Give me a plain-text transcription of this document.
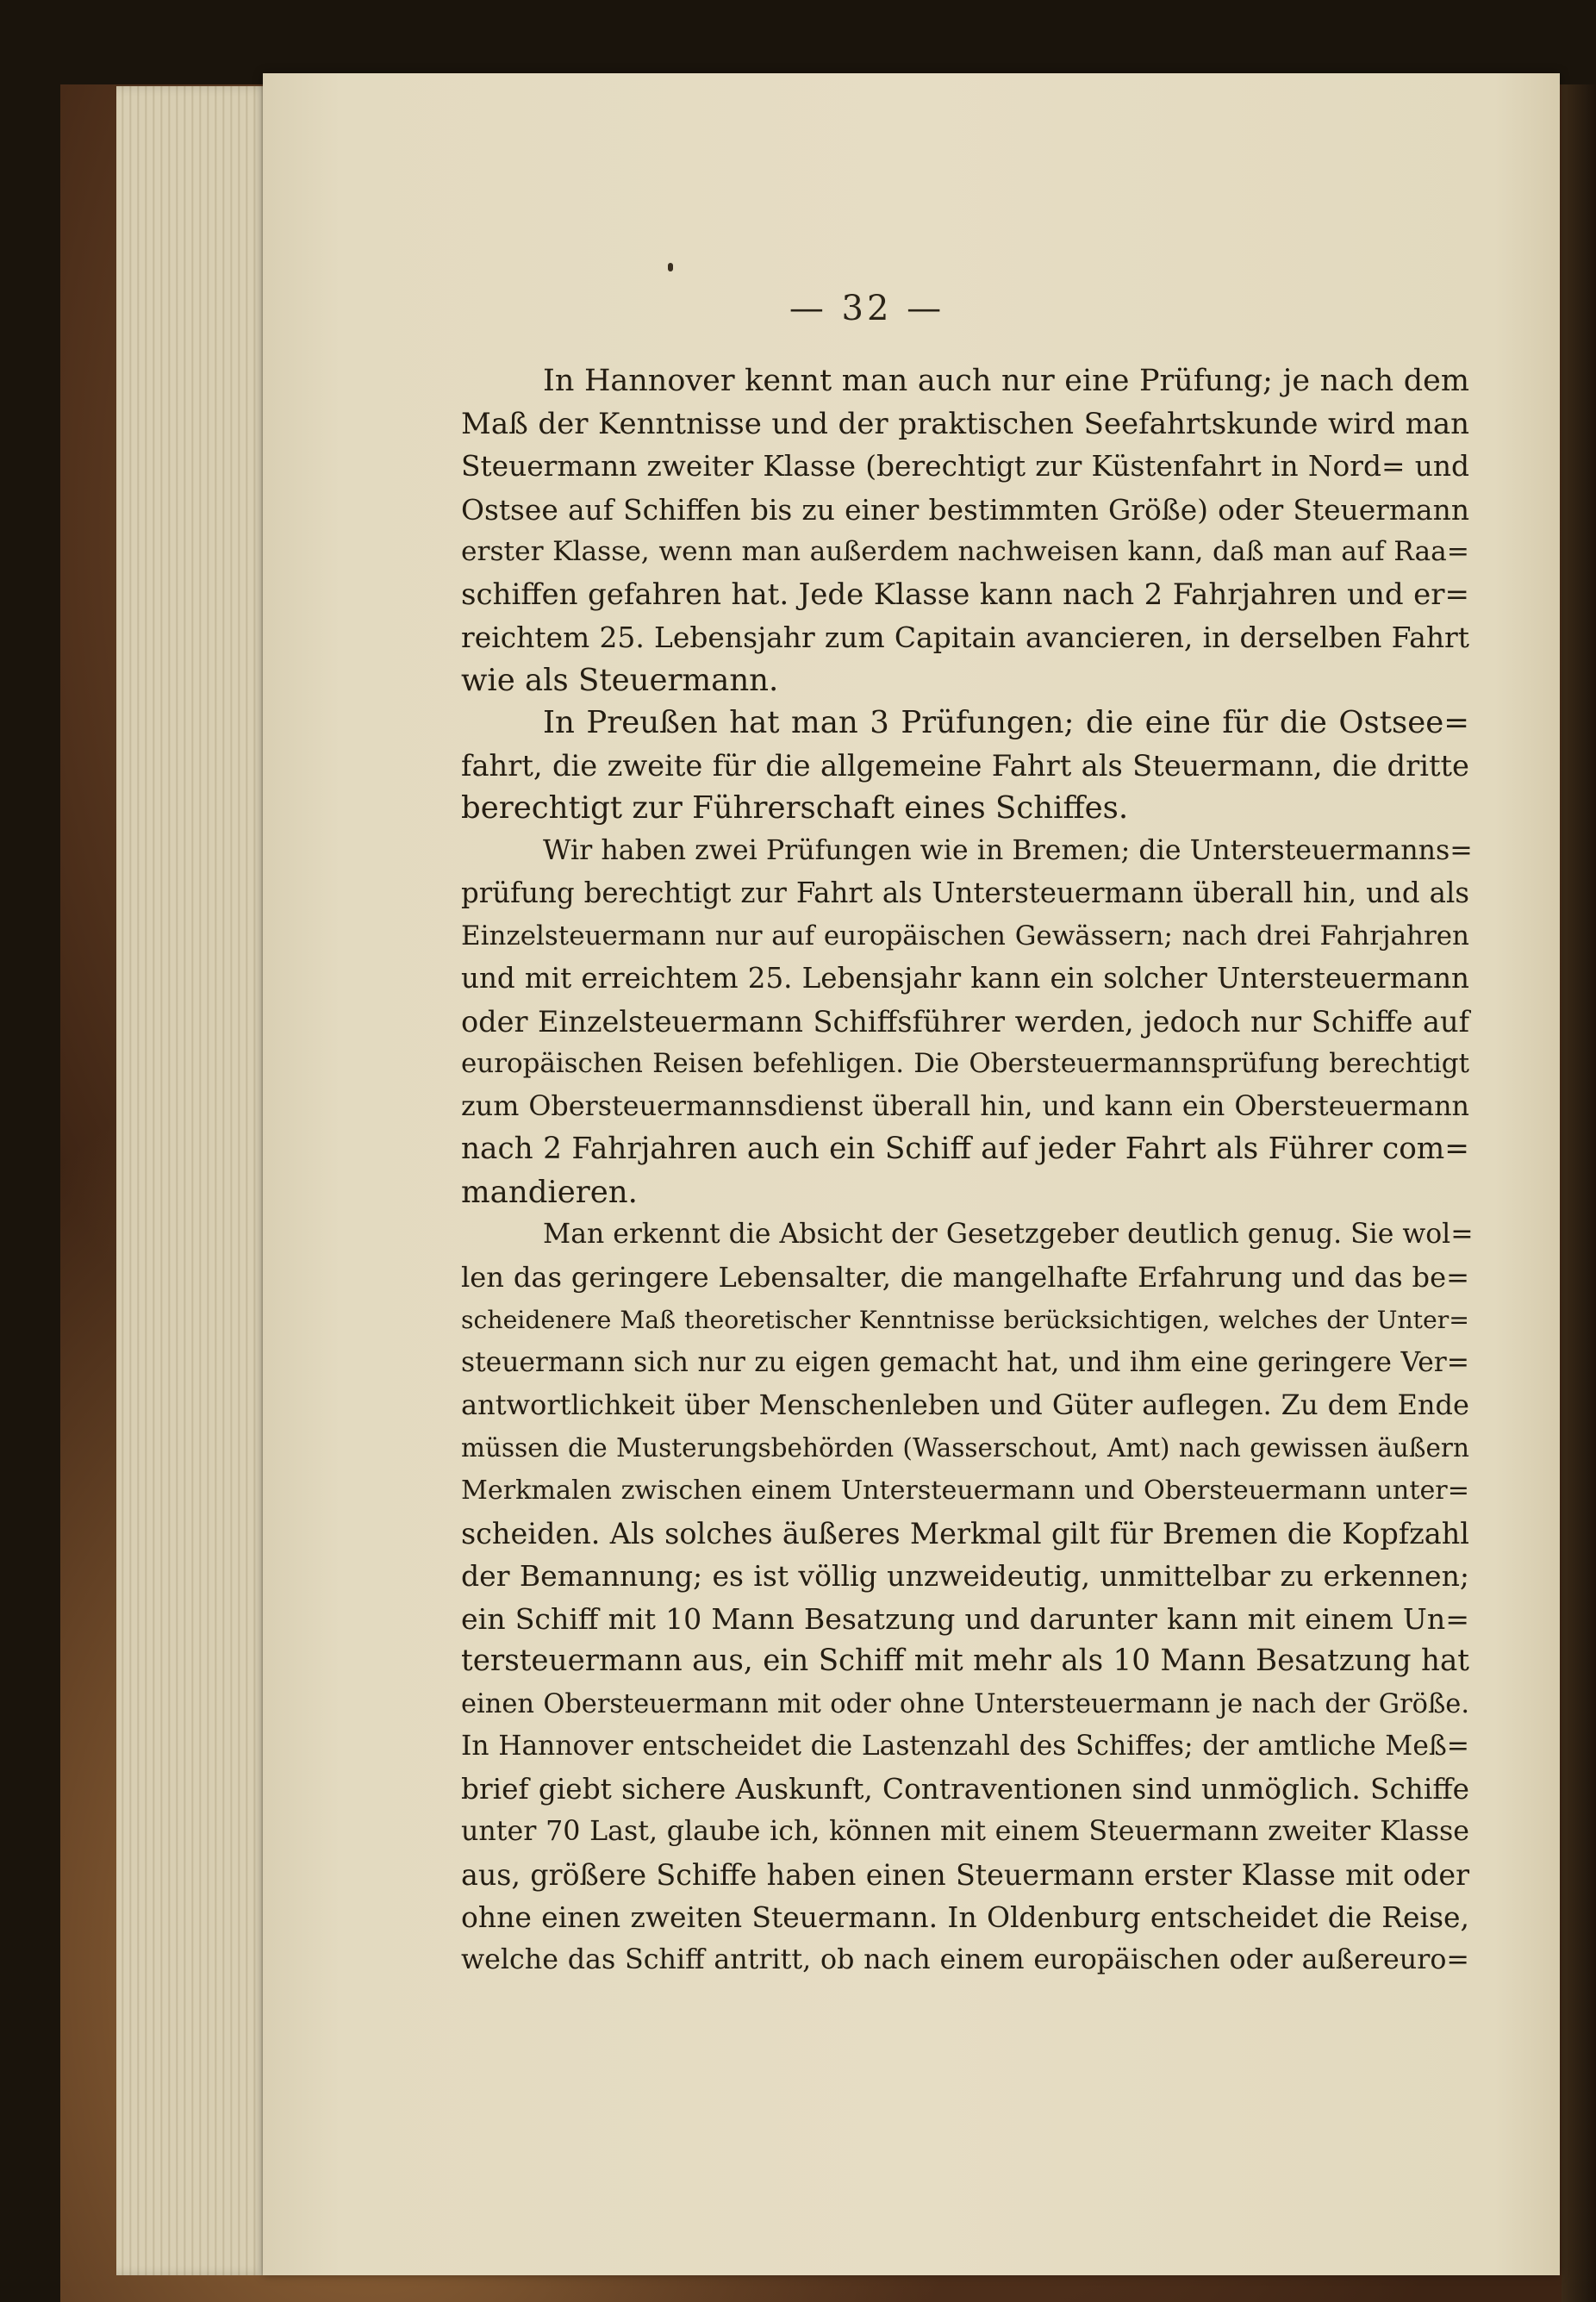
— 32 —
In Hannover kennt man auch nur eine Prüfung; je nach dem
Maß der Kenntnisse und der praktischen Seefahrtskunde wird man
Steuermann zweiter Klasse (berechtigt zur Küstenfahrt in Nord= und
Ostsee auf Schiffen bis zu einer bestimmten Größe) oder Steuermann
erster Klasse, wenn man außerdem nachweisen kann, daß man auf Raa=
schiffen gefahren hat. Jede Klasse kann nach 2 Fahrjahren und er=
reichtem 25. Lebensjahr zum Capitain avancieren, in derselben Fahrt
wie als Steuermann.
In Preußen hat man 3 Prüfungen; die eine für die Ostsee=
fahrt, die zweite für die allgemeine Fahrt als Steuermann, die dritte
berechtigt zur Führerschaft eines Schiffes.
Wir haben zwei Prüfungen wie in Bremen; die Untersteuermanns=
prüfung berechtigt zur Fahrt als Untersteuermann überall hin, und als
Einzelsteuermann nur auf europäischen Gewässern; nach drei Fahrjahren
und mit erreichtem 25. Lebensjahr kann ein solcher Untersteuermann
oder Einzelsteuermann Schiffsführer werden, jedoch nur Schiffe auf
europäischen Reisen befehligen. Die Obersteuermannsprüfung berechtigt
zum Obersteuermannsdienst überall hin, und kann ein Obersteuermann
nach 2 Fahrjahren auch ein Schiff auf jeder Fahrt als Führer com=
mandieren.
Man erkennt die Absicht der Gesetzgeber deutlich genug. Sie wol=
len das geringere Lebensalter, die mangelhafte Erfahrung und das be=
scheidenere Maß theoretischer Kenntnisse berücksichtigen, welches der Unter=
steuermann sich nur zu eigen gemacht hat, und ihm eine geringere Ver=
antwortlichkeit über Menschenleben und Güter auflegen. Zu dem Ende
müssen die Musterungsbehörden (Wasserschout, Amt) nach gewissen äußern
Merkmalen zwischen einem Untersteuermann und Obersteuermann unter=
scheiden. Als solches äußeres Merkmal gilt für Bremen die Kopfzahl
der Bemannung; es ist völlig unzweideutig, unmittelbar zu erkennen;
ein Schiff mit 10 Mann Besatzung und darunter kann mit einem Un=
tersteuermann aus, ein Schiff mit mehr als 10 Mann Besatzung hat
einen Obersteuermann mit oder ohne Untersteuermann je nach der Größe.
In Hannover entscheidet die Lastenzahl des Schiffes; der amtliche Meß=
brief giebt sichere Auskunft, Contraventionen sind unmöglich. Schiffe
unter 70 Last, glaube ich, können mit einem Steuermann zweiter Klasse
aus, größere Schiffe haben einen Steuermann erster Klasse mit oder
ohne einen zweiten Steuermann. In Oldenburg entscheidet die Reise,
welche das Schiff antritt, ob nach einem europäischen oder außereuro=
